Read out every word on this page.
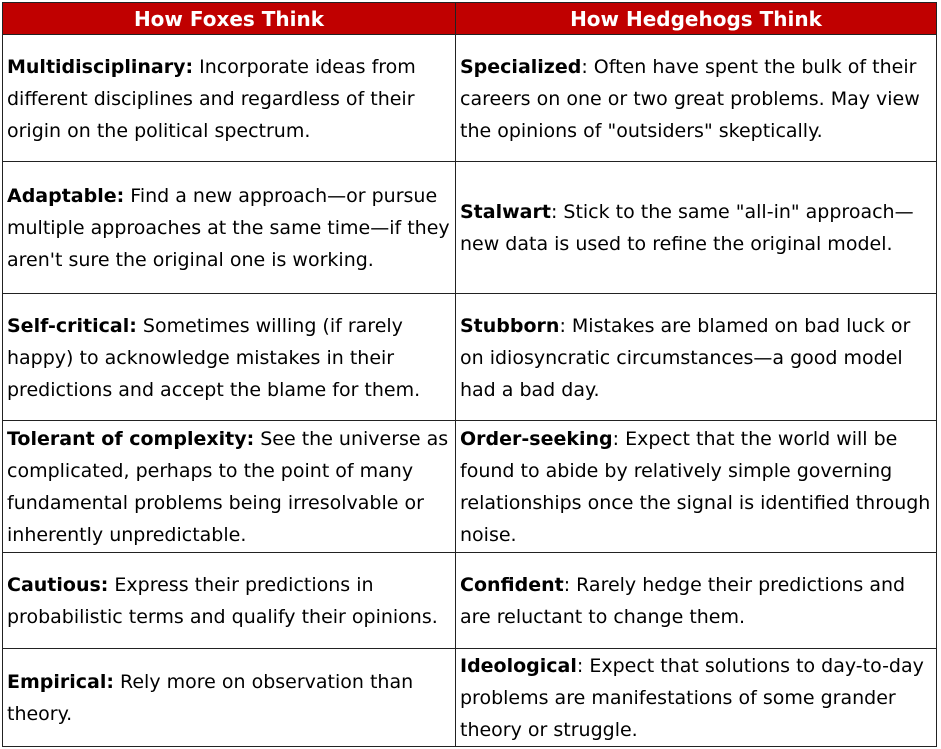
How Foxes Think	How Hedgehogs Think
Multidisciplinary: Incorporate ideas from different disciplines and regardless of their origin on the political spectrum.	Specialized: Often have spent the bulk of their careers on one or two great problems. May view the opinions of "outsiders" skeptically.
Adaptable: Find a new approach—or pursue multiple approaches at the same time—if they aren't sure the original one is working.	Stalwart: Stick to the same "all-in" approach—new data is used to refine the original model.
Self-critical: Sometimes willing (if rarely happy) to acknowledge mistakes in their predictions and accept the blame for them.	Stubborn: Mistakes are blamed on bad luck or on idiosyncratic circumstances—a good model had a bad day.
Tolerant of complexity: See the universe as complicated, perhaps to the point of many fundamental problems being irresolvable or inherently unpredictable.	Order-seeking: Expect that the world will be found to abide by relatively simple governing relationships once the signal is identified through noise.
Cautious: Express their predictions in probabilistic terms and qualify their opinions.	Confident: Rarely hedge their predictions and are reluctant to change them.
Empirical: Rely more on observation than theory.	Ideological: Expect that solutions to day-to-day problems are manifestations of some grander theory or struggle.
